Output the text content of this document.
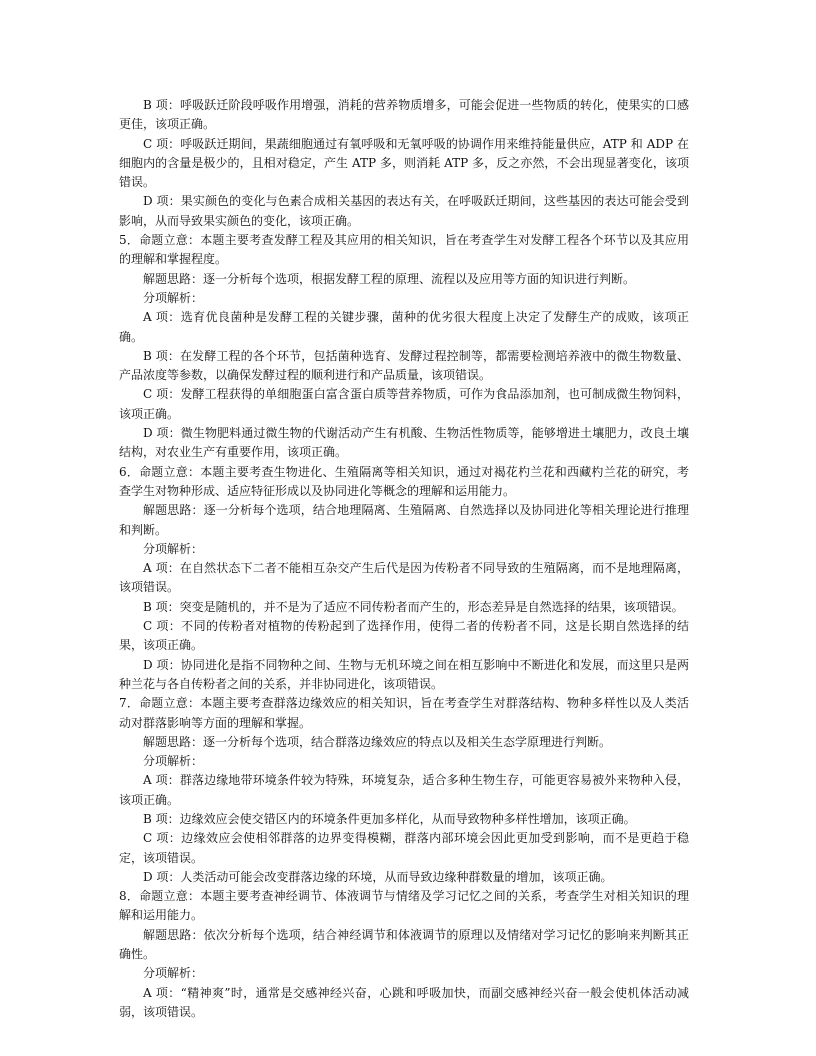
B 项：呼吸跃迁阶段呼吸作用增强，消耗的营养物质增多，可能会促进一些物质的转化，使果实的口感更佳，该项正确。

C 项：呼吸跃迁期间，果蔬细胞通过有氧呼吸和无氧呼吸的协调作用来维持能量供应，ATP 和 ADP 在细胞内的含量是极少的，且相对稳定，产生 ATP 多，则消耗 ATP 多，反之亦然，不会出现显著变化，该项错误。

D 项：果实颜色的变化与色素合成相关基因的表达有关，在呼吸跃迁期间，这些基因的表达可能会受到影响，从而导致果实颜色的变化，该项正确。

5．命题立意：本题主要考查发酵工程及其应用的相关知识，旨在考查学生对发酵工程各个环节以及其应用的理解和掌握程度。

解题思路：逐一分析每个选项，根据发酵工程的原理、流程以及应用等方面的知识进行判断。

分项解析：

A 项：选育优良菌种是发酵工程的关键步骤，菌种的优劣很大程度上决定了发酵生产的成败，该项正确。

B 项：在发酵工程的各个环节，包括菌种选育、发酵过程控制等，都需要检测培养液中的微生物数量、产品浓度等参数，以确保发酵过程的顺利进行和产品质量，该项错误。

C 项：发酵工程获得的单细胞蛋白富含蛋白质等营养物质，可作为食品添加剂，也可制成微生物饲料，该项正确。

D 项：微生物肥料通过微生物的代谢活动产生有机酸、生物活性物质等，能够增进土壤肥力，改良土壤结构，对农业生产有重要作用，该项正确。

6．命题立意：本题主要考查生物进化、生殖隔离等相关知识，通过对褐花杓兰花和西藏杓兰花的研究，考查学生对物种形成、适应特征形成以及协同进化等概念的理解和运用能力。

解题思路：逐一分析每个选项，结合地理隔离、生殖隔离、自然选择以及协同进化等相关理论进行推理和判断。

分项解析：

A 项：在自然状态下二者不能相互杂交产生后代是因为传粉者不同导致的生殖隔离，而不是地理隔离，该项错误。

B 项：突变是随机的，并不是为了适应不同传粉者而产生的，形态差异是自然选择的结果，该项错误。

C 项：不同的传粉者对植物的传粉起到了选择作用，使得二者的传粉者不同，这是长期自然选择的结果，该项正确。

D 项：协同进化是指不同物种之间、生物与无机环境之间在相互影响中不断进化和发展，而这里只是两种兰花与各自传粉者之间的关系，并非协同进化，该项错误。

7．命题立意：本题主要考查群落边缘效应的相关知识，旨在考查学生对群落结构、物种多样性以及人类活动对群落影响等方面的理解和掌握。

解题思路：逐一分析每个选项，结合群落边缘效应的特点以及相关生态学原理进行判断。

分项解析：

A 项：群落边缘地带环境条件较为特殊，环境复杂，适合多种生物生存，可能更容易被外来物种入侵，该项正确。

B 项：边缘效应会使交错区内的环境条件更加多样化，从而导致物种多样性增加，该项正确。

C 项：边缘效应会使相邻群落的边界变得模糊，群落内部环境会因此更加受到影响，而不是更趋于稳定，该项错误。

D 项：人类活动可能会改变群落边缘的环境，从而导致边缘种群数量的增加，该项正确。

8．命题立意：本题主要考查神经调节、体液调节与情绪及学习记忆之间的关系，考查学生对相关知识的理解和运用能力。

解题思路：依次分析每个选项，结合神经调节和体液调节的原理以及情绪对学习记忆的影响来判断其正确性。

分项解析：

A 项：“精神爽”时，通常是交感神经兴奋，心跳和呼吸加快，而副交感神经兴奋一般会使机体活动减弱，该项错误。
